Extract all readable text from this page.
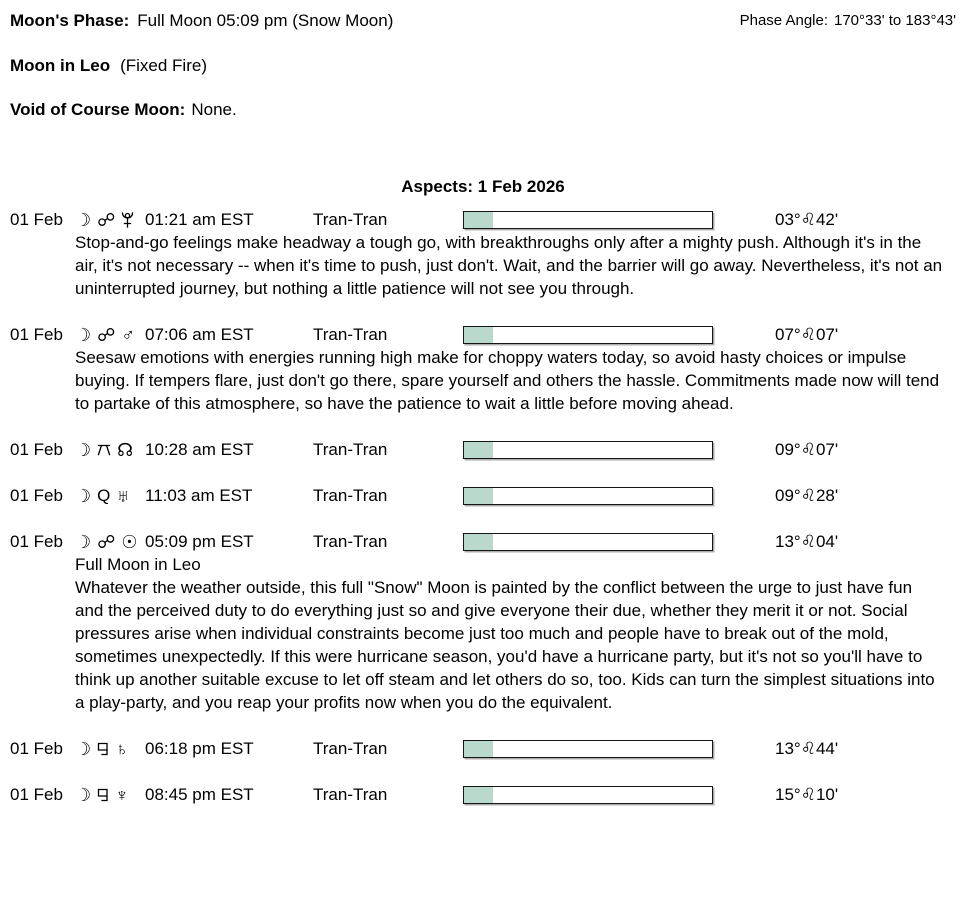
Moon's Phase: Full Moon 05:09 pm (Snow Moon)	Phase Angle: 170°33' to 183°43'
Moon in Leo (Fixed Fire)
Void of Course Moon: None.
Aspects: 1 Feb 2026
01 Feb ☽ ☍ 01:21 am EST	Tran-Tran	03°♌42'
Stop-and-go feelings make headway a tough go, with breakthroughs only after a mighty push. Although it's in the air, it's not necessary -- when it's time to push, just don't. Wait, and the barrier will go away. Nevertheless, it's not an uninterrupted journey, but nothing a little patience will not see you through.
01 Feb ☽ ☍ ♂ 07:06 am EST	Tran-Tran	07°♌07'
Seesaw emotions with energies running high make for choppy waters today, so avoid hasty choices or impulse buying. If tempers flare, just don't go there, spare yourself and others the hassle. Commitments made now will tend to partake of this atmosphere, so have the patience to wait a little before moving ahead.
01 Feb ☽ ☊ 10:28 am EST	Tran-Tran	09°♌07'
01 Feb ☽ Q ♅ 11:03 am EST	Tran-Tran	09°♌28'
01 Feb ☽ ☍ ☉ 05:09 pm EST	Tran-Tran	13°♌04'
Full Moon in Leo
Whatever the weather outside, this full "Snow" Moon is painted by the conflict between the urge to just have fun and the perceived duty to do everything just so and give everyone their due, whether they merit it or not. Social pressures arise when individual constraints become just too much and people have to break out of the mold, sometimes unexpectedly. If this were hurricane season, you'd have a hurricane party, but it's not so you'll have to think up another suitable excuse to let off steam and let others do so, too. Kids can turn the simplest situations into a play-party, and you reap your profits now when you do the equivalent.
01 Feb ☽ ♄ 06:18 pm EST	Tran-Tran	13°♌44'
01 Feb ☽ ♆ 08:45 pm EST	Tran-Tran	15°♌10'
